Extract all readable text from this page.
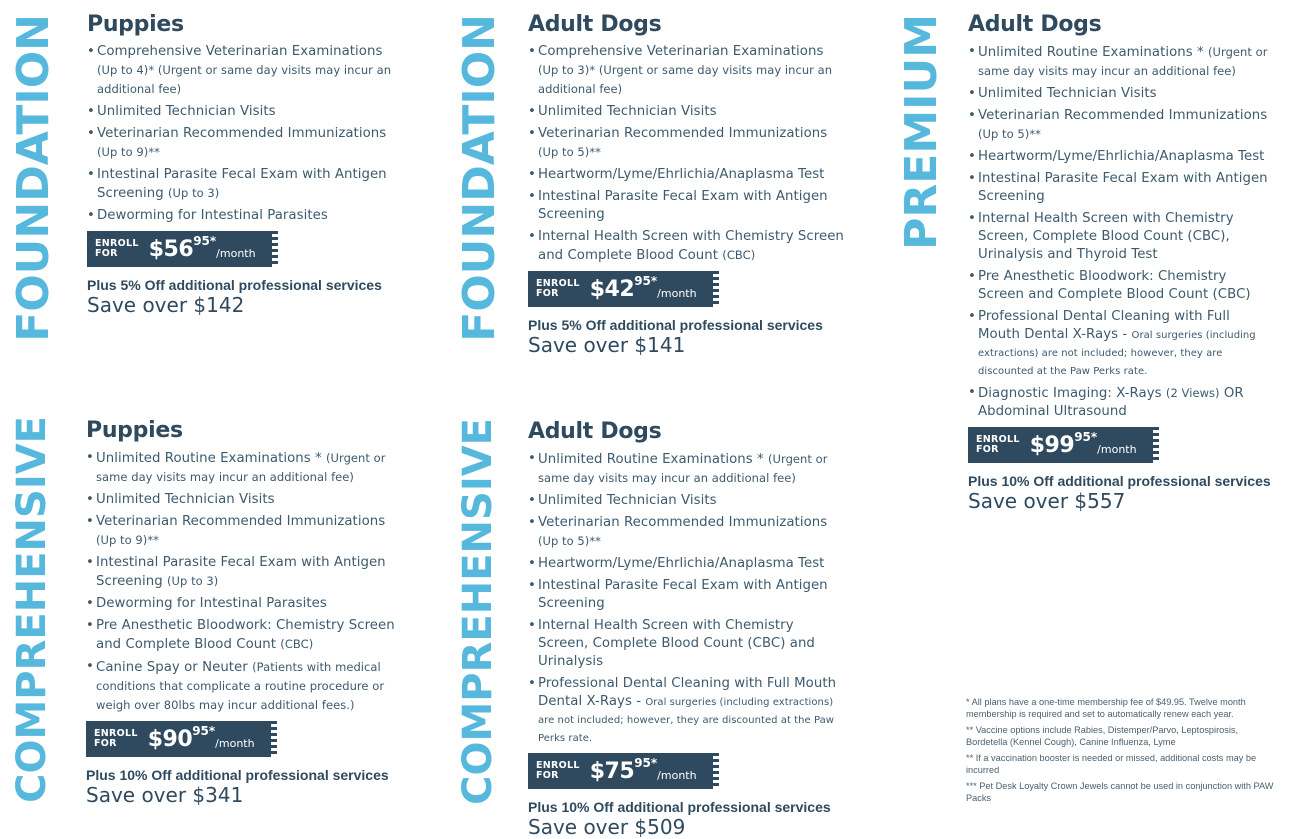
FOUNDATION	FOUNDATION	PREMIUM
COMPREHENSIVE	COMPREHENSIVE
Puppies
• Comprehensive Veterinarian Examinations (Up to 4)* (Urgent or same day visits may incur an additional fee)
• Unlimited Technician Visits
• Veterinarian Recommended Immunizations (Up to 9)**
• Intestinal Parasite Fecal Exam with Antigen Screening (Up to 3)
• Deworming for Intestinal Parasites
ENROLL
FOR	$56 95*
/month
Plus 5% Off additional professional services
Save over $142
Adult Dogs
• Comprehensive Veterinarian Examinations (Up to 3)* (Urgent or same day visits may incur an additional fee)
• Unlimited Technician Visits
• Veterinarian Recommended Immunizations (Up to 5)**
• Heartworm/Lyme/Ehrlichia/Anaplasma Test
• Intestinal Parasite Fecal Exam with Antigen Screening
• Internal Health Screen with Chemistry Screen and Complete Blood Count (CBC)
ENROLL
FOR	$42 95*
/month
Plus 5% Off additional professional services
Save over $141
Adult Dogs
• Unlimited Routine Examinations * (Urgent or same day visits may incur an additional fee)
• Unlimited Technician Visits
• Veterinarian Recommended Immunizations (Up to 5)**
• Heartworm/Lyme/Ehrlichia/Anaplasma Test
• Intestinal Parasite Fecal Exam with Antigen Screening
• Internal Health Screen with Chemistry Screen, Complete Blood Count (CBC), Urinalysis and Thyroid Test
• Pre Anesthetic Bloodwork: Chemistry Screen and Complete Blood Count (CBC)
• Professional Dental Cleaning with Full Mouth Dental X-Rays - Oral surgeries (including extractions) are not included; however, they are discounted at the Paw Perks rate.
• Diagnostic Imaging: X-Rays (2 Views) OR Abdominal Ultrasound
ENROLL
FOR	$99 95*
/month
Plus 10% Off additional professional services
Save over $557
Puppies
• Unlimited Routine Examinations * (Urgent or same day visits may incur an additional fee)
• Unlimited Technician Visits
• Veterinarian Recommended Immunizations (Up to 9)**
• Intestinal Parasite Fecal Exam with Antigen Screening (Up to 3)
• Deworming for Intestinal Parasites
• Pre Anesthetic Bloodwork: Chemistry Screen and Complete Blood Count (CBC)
• Canine Spay or Neuter (Patients with medical conditions that complicate a routine procedure or weigh over 80lbs may incur additional fees.)
ENROLL
FOR	$90 95*
/month
Plus 10% Off additional professional services
Save over $341
Adult Dogs
• Unlimited Routine Examinations * (Urgent or same day visits may incur an additional fee)
• Unlimited Technician Visits
• Veterinarian Recommended Immunizations (Up to 5)**
• Heartworm/Lyme/Ehrlichia/Anaplasma Test
• Intestinal Parasite Fecal Exam with Antigen Screening
• Internal Health Screen with Chemistry Screen, Complete Blood Count (CBC) and Urinalysis
• Professional Dental Cleaning with Full Mouth Dental X-Rays - Oral surgeries (including extractions) are not included; however, they are discounted at the Paw Perks rate.
ENROLL
FOR	$75 95*
/month
Plus 10% Off additional professional services
Save over $509

* All plans have a one-time membership fee of $49.95. Twelve month membership is required and set to automatically renew each year.

** Vaccine options include Rabies, Distemper/Parvo, Leptospirosis, Bordetella (Kennel Cough), Canine Influenza, Lyme

** If a vaccination booster is needed or missed, additional costs may be incurred

*** Pet Desk Loyalty Crown Jewels cannot be used in conjunction with PAW Packs
